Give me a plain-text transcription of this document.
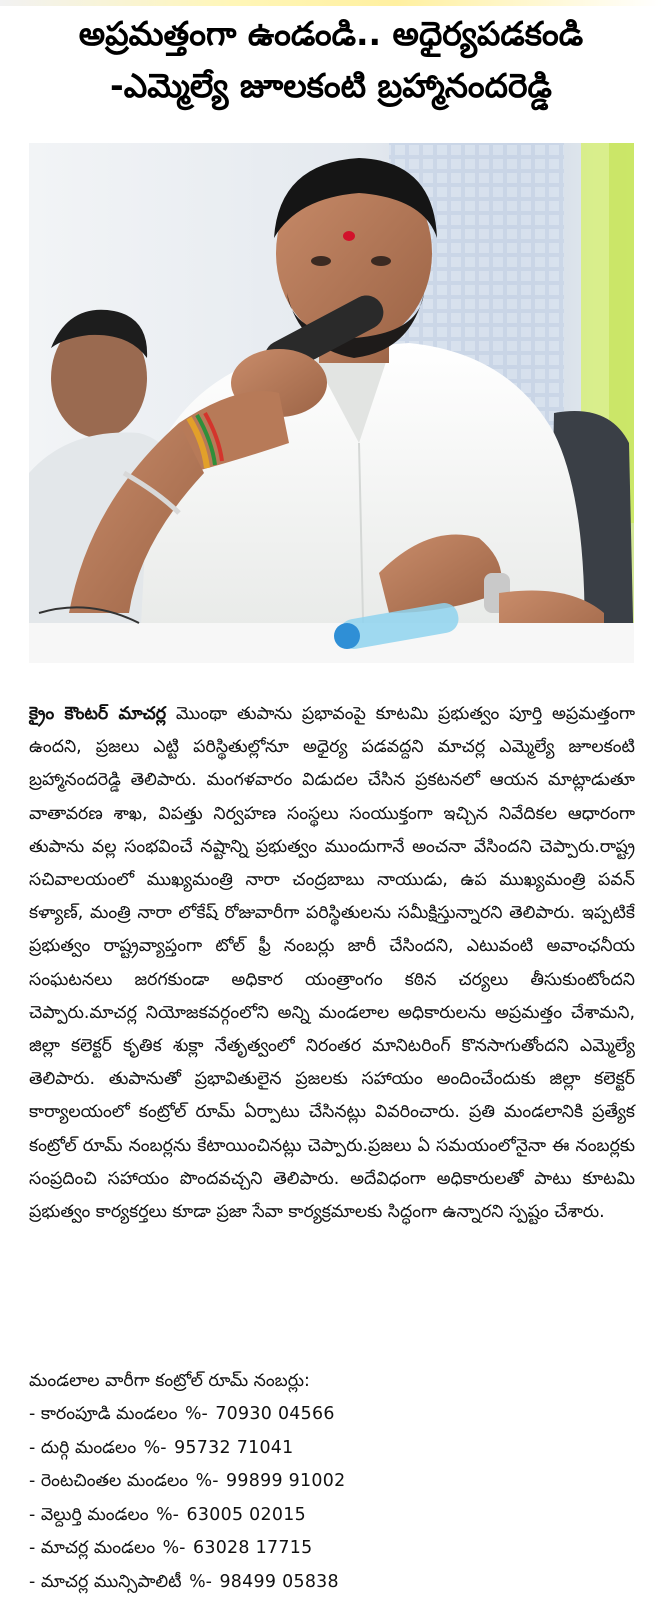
అప్రమత్తంగా ఉండండి.. అధైర్యపడకండి
-ఎమ్మెల్యే జూలకంటి బ్రహ్మానందరెడ్డి

క్రైం కౌంటర్ మాచర్ల మొంథా తుపాను ప్రభావంపై కూటమి ప్రభుత్వం పూర్తి అప్రమత్తంగా ఉందని, ప్రజలు ఎట్టి పరిస్థితుల్లోనూ అధైర్య పడవద్దని మాచర్ల ఎమ్మెల్యే జూలకంటి బ్రహ్మానందరెడ్డి తెలిపారు. మంగళవారం విడుదల చేసిన ప్రకటనలో ఆయన మాట్లాడుతూ వాతావరణ శాఖ, విపత్తు నిర్వహణ సంస్థలు సంయుక్తంగా ఇచ్చిన నివేదికల ఆధారంగా తుపాను వల్ల సంభవించే నష్టాన్ని ప్రభుత్వం ముందుగానే అంచనా వేసిందని చెప్పారు.రాష్ట్ర సచివాలయంలో ముఖ్యమంత్రి నారా చంద్రబాబు నాయుడు, ఉప ముఖ్యమంత్రి పవన్ కళ్యాణ్, మంత్రి నారా లోకేష్ రోజువారీగా పరిస్థితులను సమీక్షిస్తున్నారని తెలిపారు. ఇప్పటికే ప్రభుత్వం రాష్ట్రవ్యాప్తంగా టోల్ ఫ్రీ నంబర్లు జారీ చేసిందని, ఎటువంటి అవాంఛనీయ సంఘటనలు జరగకుండా అధికార యంత్రాంగం కఠిన చర్యలు తీసుకుంటోందని చెప్పారు.మాచర్ల నియోజకవర్గంలోని అన్ని మండలాల అధికారులను అప్రమత్తం చేశామని, జిల్లా కలెక్టర్ కృతిక శుక్లా నేతృత్వంలో నిరంతర మానిటరింగ్ కొనసాగుతోందని ఎమ్మెల్యే తెలిపారు. తుపానుతో ప్రభావితులైన ప్రజలకు సహాయం అందించేందుకు జిల్లా కలెక్టర్ కార్యాలయంలో కంట్రోల్ రూమ్ ఏర్పాటు చేసినట్లు వివరించారు. ప్రతి మండలానికి ప్రత్యేక కంట్రోల్ రూమ్ నంబర్లను కేటాయించినట్లు చెప్పారు.ప్రజలు ఏ సమయంలోనైనా ఈ నంబర్లకు సంప్రదించి సహాయం పొందవచ్చని తెలిపారు. అదేవిధంగా అధికారులతో పాటు కూటమి ప్రభుత్వం కార్యకర్తలు కూడా ప్రజా సేవా కార్యక్రమాలకు సిద్ధంగా ఉన్నారని స్పష్టం చేశారు.

మండలాల వారీగా కంట్రోల్ రూమ్ నంబర్లు:

- కారంపూడి మండలం %- 70930 04566
- దుర్గి మండలం %- 95732 71041
- రెంటచింతల మండలం %- 99899 91002
- వెల్దుర్తి మండలం %- 63005 02015
- మాచర్ల మండలం %- 63028 17715
- మాచర్ల మున్సిపాలిటీ %- 98499 05838
